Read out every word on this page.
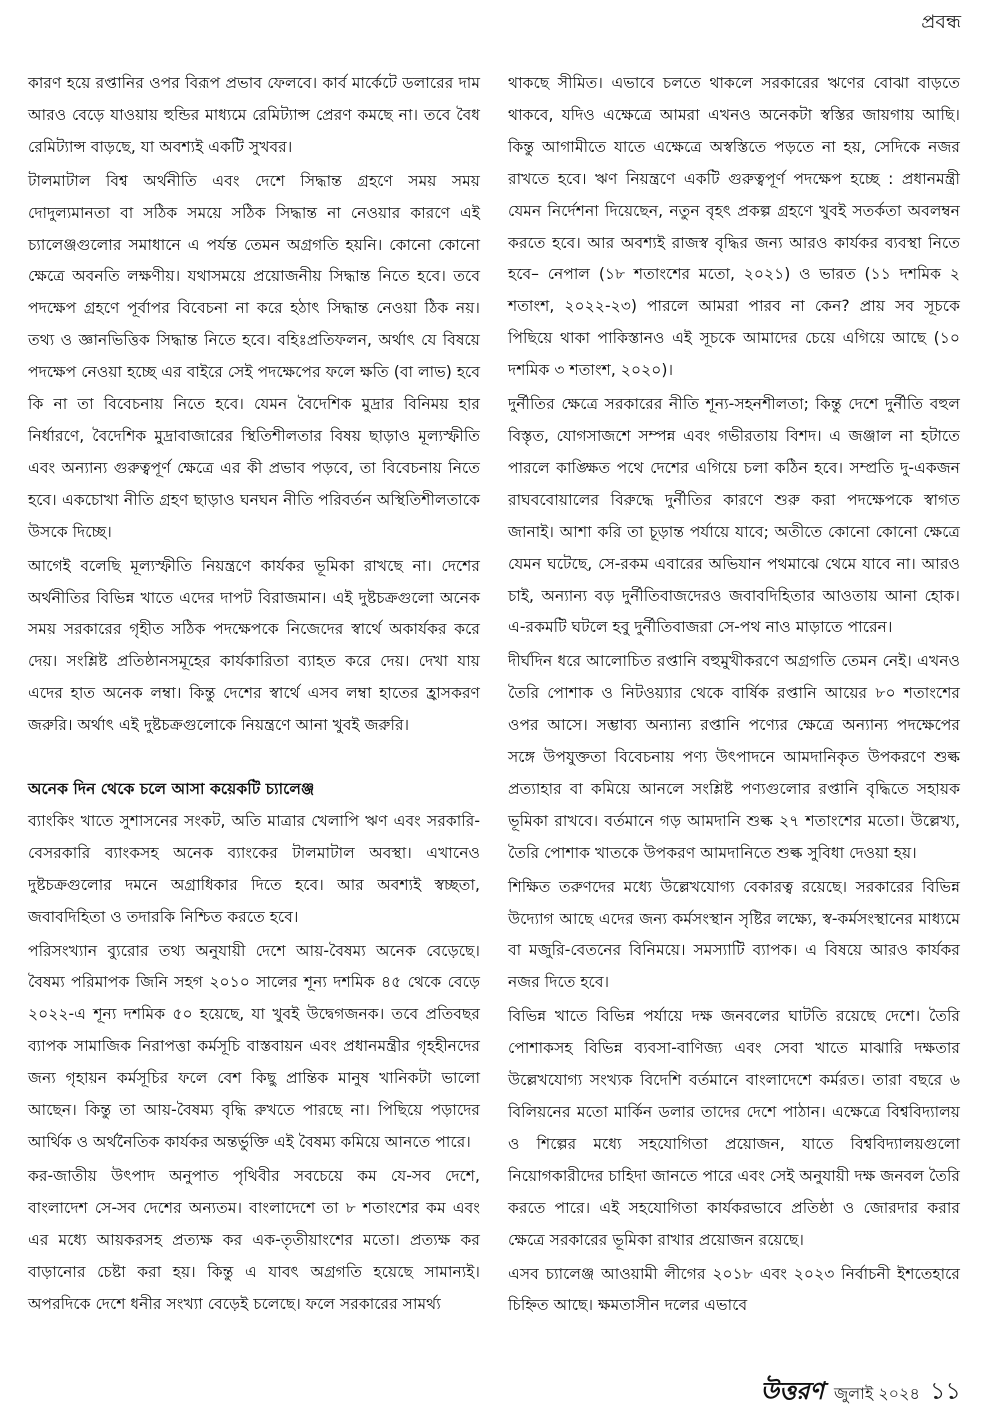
প্রবন্ধ

কারণ হয়ে রপ্তানির ওপর বিরূপ প্রভাব ফেলবে। কার্ব মার্কেটে ডলারের দাম আরও বেড়ে যাওয়ায় হুন্ডির মাধ্যমে রেমিট্যান্স প্রেরণ কমছে না। তবে বৈধ রেমিট্যান্স বাড়ছে, যা অবশ্যই একটি সুখবর।

টালমাটাল বিশ্ব অর্থনীতি এবং দেশে সিদ্ধান্ত গ্রহণে সময় সময় দোদুল্যমানতা বা সঠিক সময়ে সঠিক সিদ্ধান্ত না নেওয়ার কারণে এই চ্যালেঞ্জগুলোর সমাধানে এ পর্যন্ত তেমন অগ্রগতি হয়নি। কোনো কোনো ক্ষেত্রে অবনতি লক্ষণীয়। যথাসময়ে প্রয়োজনীয় সিদ্ধান্ত নিতে হবে। তবে পদক্ষেপ গ্রহণে পূর্বাপর বিবেচনা না করে হঠাৎ সিদ্ধান্ত নেওয়া ঠিক নয়। তথ্য ও জ্ঞানভিত্তিক সিদ্ধান্ত নিতে হবে। বহিঃপ্রতিফলন, অর্থাৎ যে বিষয়ে পদক্ষেপ নেওয়া হচ্ছে এর বাইরে সেই পদক্ষেপের ফলে ক্ষতি (বা লাভ) হবে কি না তা বিবেচনায় নিতে হবে। যেমন বৈদেশিক মুদ্রার বিনিময় হার নির্ধারণে, বৈদেশিক মুদ্রাবাজারের স্থিতিশীলতার বিষয় ছাড়াও মূল্যস্ফীতি এবং অন্যান্য গুরুত্বপূর্ণ ক্ষেত্রে এর কী প্রভাব পড়বে, তা বিবেচনায় নিতে হবে। একচোখা নীতি গ্রহণ ছাড়াও ঘনঘন নীতি পরিবর্তন অস্থিতিশীলতাকে উসকে দিচ্ছে।

আগেই বলেছি মূল্যস্ফীতি নিয়ন্ত্রণে কার্যকর ভূমিকা রাখছে না। দেশের অর্থনীতির বিভিন্ন খাতে এদের দাপট বিরাজমান। এই দুষ্টচক্রগুলো অনেক সময় সরকারের গৃহীত সঠিক পদক্ষেপকে নিজেদের স্বার্থে অকার্যকর করে দেয়। সংশ্লিষ্ট প্রতিষ্ঠানসমূহের কার্যকারিতা ব্যাহত করে দেয়। দেখা যায় এদের হাত অনেক লম্বা। কিন্তু দেশের স্বার্থে এসব লম্বা হাতের হ্রাসকরণ জরুরি। অর্থাৎ এই দুষ্টচক্রগুলোকে নিয়ন্ত্রণে আনা খুবই জরুরি।

অনেক দিন থেকে চলে আসা কয়েকটি চ্যালেঞ্জ

ব্যাংকিং খাতে সুশাসনের সংকট, অতি মাত্রার খেলাপি ঋণ এবং সরকারি-বেসরকারি ব্যাংকসহ অনেক ব্যাংকের টালমাটাল অবস্থা। এখানেও দুষ্টচক্রগুলোর দমনে অগ্রাধিকার দিতে হবে। আর অবশ্যই স্বচ্ছতা, জবাবদিহিতা ও তদারকি নিশ্চিত করতে হবে।

পরিসংখ্যান ব্যুরোর তথ্য অনুযায়ী দেশে আয়-বৈষম্য অনেক বেড়েছে। বৈষম্য পরিমাপক জিনি সহগ ২০১০ সালের শূন্য দশমিক ৪৫ থেকে বেড়ে ২০২২-এ শূন্য দশমিক ৫০ হয়েছে, যা খুবই উদ্বেগজনক। তবে প্রতিবছর ব্যাপক সামাজিক নিরাপত্তা কর্মসূচি বাস্তবায়ন এবং প্রধানমন্ত্রীর গৃহহীনদের জন্য গৃহায়ন কর্মসূচির ফলে বেশ কিছু প্রান্তিক মানুষ খানিকটা ভালো আছেন। কিন্তু তা আয়-বৈষম্য বৃদ্ধি রুখতে পারছে না। পিছিয়ে পড়াদের আর্থিক ও অর্থনৈতিক কার্যকর অন্তর্ভুক্তি এই বৈষম্য কমিয়ে আনতে পারে।

কর-জাতীয় উৎপাদ অনুপাত পৃথিবীর সবচেয়ে কম যে-সব দেশে, বাংলাদেশ সে-সব দেশের অন্যতম। বাংলাদেশে তা ৮ শতাংশের কম এবং এর মধ্যে আয়করসহ প্রত্যক্ষ কর এক-তৃতীয়াংশের মতো। প্রত্যক্ষ কর বাড়ানোর চেষ্টা করা হয়। কিন্তু এ যাবৎ অগ্রগতি হয়েছে সামান্যই। অপরদিকে দেশে ধনীর সংখ্যা বেড়েই চলেছে। ফলে সরকারের সামর্থ্য

থাকছে সীমিত। এভাবে চলতে থাকলে সরকারের ঋণের বোঝা বাড়তে থাকবে, যদিও এক্ষেত্রে আমরা এখনও অনেকটা স্বস্তির জায়গায় আছি। কিন্তু আগামীতে যাতে এক্ষেত্রে অস্বস্তিতে পড়তে না হয়, সেদিকে নজর রাখতে হবে। ঋণ নিয়ন্ত্রণে একটি গুরুত্বপূর্ণ পদক্ষেপ হচ্ছে : প্রধানমন্ত্রী যেমন নির্দেশনা দিয়েছেন, নতুন বৃহৎ প্রকল্প গ্রহণে খুবই সতর্কতা অবলম্বন করতে হবে। আর অবশ্যই রাজস্ব বৃদ্ধির জন্য আরও কার্যকর ব্যবস্থা নিতে হবে– নেপাল (১৮ শতাংশের মতো, ২০২১) ও ভারত (১১ দশমিক ২ শতাংশ, ২০২২-২৩) পারলে আমরা পারব না কেন? প্রায় সব সূচকে পিছিয়ে থাকা পাকিস্তানও এই সূচকে আমাদের চেয়ে এগিয়ে আছে (১০ দশমিক ৩ শতাংশ, ২০২০)।

দুর্নীতির ক্ষেত্রে সরকারের নীতি শূন্য-সহনশীলতা; কিন্তু দেশে দুর্নীতি বহুল বিস্তৃত, যোগসাজশে সম্পন্ন এবং গভীরতায় বিশদ। এ জঞ্জাল না হটাতে পারলে কাঙ্ক্ষিত পথে দেশের এগিয়ে চলা কঠিন হবে। সম্প্রতি দু-একজন রাঘববোয়ালের বিরুদ্ধে দুর্নীতির কারণে শুরু করা পদক্ষেপকে স্বাগত জানাই। আশা করি তা চূড়ান্ত পর্যায়ে যাবে; অতীতে কোনো কোনো ক্ষেত্রে যেমন ঘটেছে, সে-রকম এবারের অভিযান পথমাঝে থেমে যাবে না। আরও চাই, অন্যান্য বড় দুর্নীতিবাজদেরও জবাবদিহিতার আওতায় আনা হোক। এ-রকমটি ঘটলে হবু দুর্নীতিবাজরা সে-পথ নাও মাড়াতে পারেন।

দীর্ঘদিন ধরে আলোচিত রপ্তানি বহুমুখীকরণে অগ্রগতি তেমন নেই। এখনও তৈরি পোশাক ও নিটওয়্যার থেকে বার্ষিক রপ্তানি আয়ের ৮০ শতাংশের ওপর আসে। সম্ভাব্য অন্যান্য রপ্তানি পণ্যের ক্ষেত্রে অন্যান্য পদক্ষেপের সঙ্গে উপযুক্ততা বিবেচনায় পণ্য উৎপাদনে আমদানিকৃত উপকরণে শুল্ক প্রত্যাহার বা কমিয়ে আনলে সংশ্লিষ্ট পণ্যগুলোর রপ্তানি বৃদ্ধিতে সহায়ক ভূমিকা রাখবে। বর্তমানে গড় আমদানি শুল্ক ২৭ শতাংশের মতো। উল্লেখ্য, তৈরি পোশাক খাতকে উপকরণ আমদানিতে শুল্ক সুবিধা দেওয়া হয়।

শিক্ষিত তরুণদের মধ্যে উল্লেখযোগ্য বেকারত্ব রয়েছে। সরকারের বিভিন্ন উদ্যোগ আছে এদের জন্য কর্মসংস্থান সৃষ্টির লক্ষ্যে, স্ব-কর্মসংস্থানের মাধ্যমে বা মজুরি-বেতনের বিনিময়ে। সমস্যাটি ব্যাপক। এ বিষয়ে আরও কার্যকর নজর দিতে হবে।

বিভিন্ন খাতে বিভিন্ন পর্যায়ে দক্ষ জনবলের ঘাটতি রয়েছে দেশে। তৈরি পোশাকসহ বিভিন্ন ব্যবসা-বাণিজ্য এবং সেবা খাতে মাঝারি দক্ষতার উল্লেখযোগ্য সংখ্যক বিদেশি বর্তমানে বাংলাদেশে কর্মরত। তারা বছরে ৬ বিলিয়নের মতো মার্কিন ডলার তাদের দেশে পাঠান। এক্ষেত্রে বিশ্ববিদ্যালয় ও শিল্পের মধ্যে সহযোগিতা প্রয়োজন, যাতে বিশ্ববিদ্যালয়গুলো নিয়োগকারীদের চাহিদা জানতে পারে এবং সেই অনুযায়ী দক্ষ জনবল তৈরি করতে পারে। এই সহযোগিতা কার্যকরভাবে প্রতিষ্ঠা ও জোরদার করার ক্ষেত্রে সরকারের ভূমিকা রাখার প্রয়োজন রয়েছে।

এসব চ্যালেঞ্জ আওয়ামী লীগের ২০১৮ এবং ২০২৩ নির্বাচনী ইশতেহারে চিহ্নিত আছে। ক্ষমতাসীন দলের এভাবে

উত্তরণ জুলাই ২০২৪ ১১
